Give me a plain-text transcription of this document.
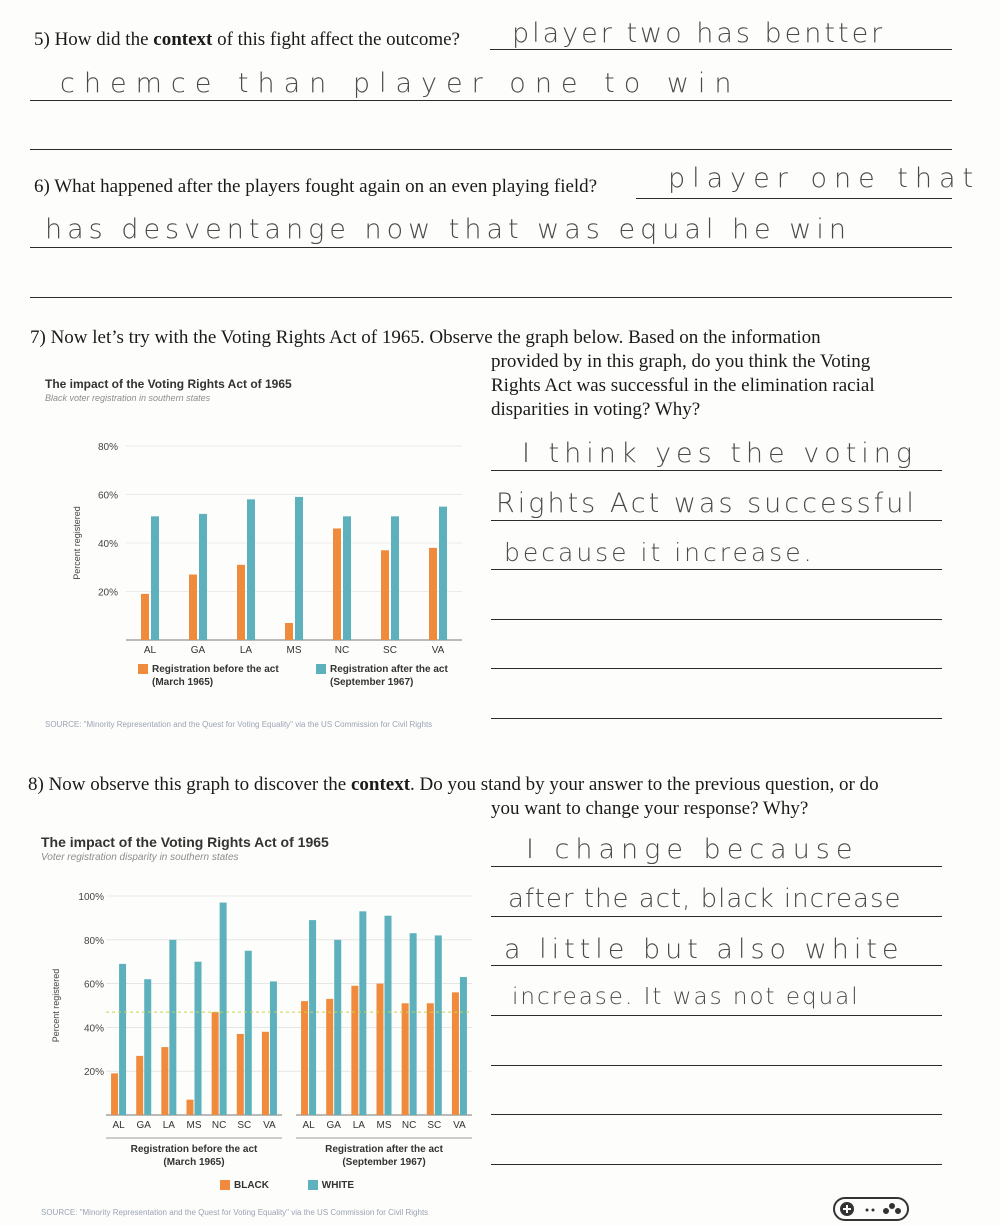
5) How did the context of this fight affect the outcome? player two has bentter
chemce than player one to win
6) What happened after the players fought again on an even playing field?	player one that
has desventange now that was equal he win
7) Now let’s try with the Voting Rights Act of 1965. Observe the graph below. Based on the information
provided by in this graph, do you think the Voting
Rights Act was successful in the elimination racial
disparities in voting? Why?
I think yes the voting
Rights Act was successful
because it increase.
The impact of the Voting Rights Act of 1965
Black voter registration in southern states
80%
60%
40%
20%
Percent registered
AL	GA	LA	MS	NC	SC	VA
Registration before the act
(March 1965)
Registration after the act
(September 1967)
SOURCE: "Minority Representation and the Quest for Voting Equality" via the US Commission for Civil Rights
8) Now observe this graph to discover the context. Do you stand by your answer to the previous question, or do
you want to change your response? Why?
I change because
after the act, black increase
a little but also white
increase. It was not equal
The impact of the Voting Rights Act of 1965
Voter registration disparity in southern states
100%
80%
60%
40%
20%
Percent registered
AL GA LA MS NC SC VA
Registration before the act
(March 1965)
AL GA LA MS NC SC VA
Registration after the act
(September 1967)
BLACK	WHITE
SOURCE: "Minority Representation and the Quest for Voting Equality" via the US Commission for Civil Rights
